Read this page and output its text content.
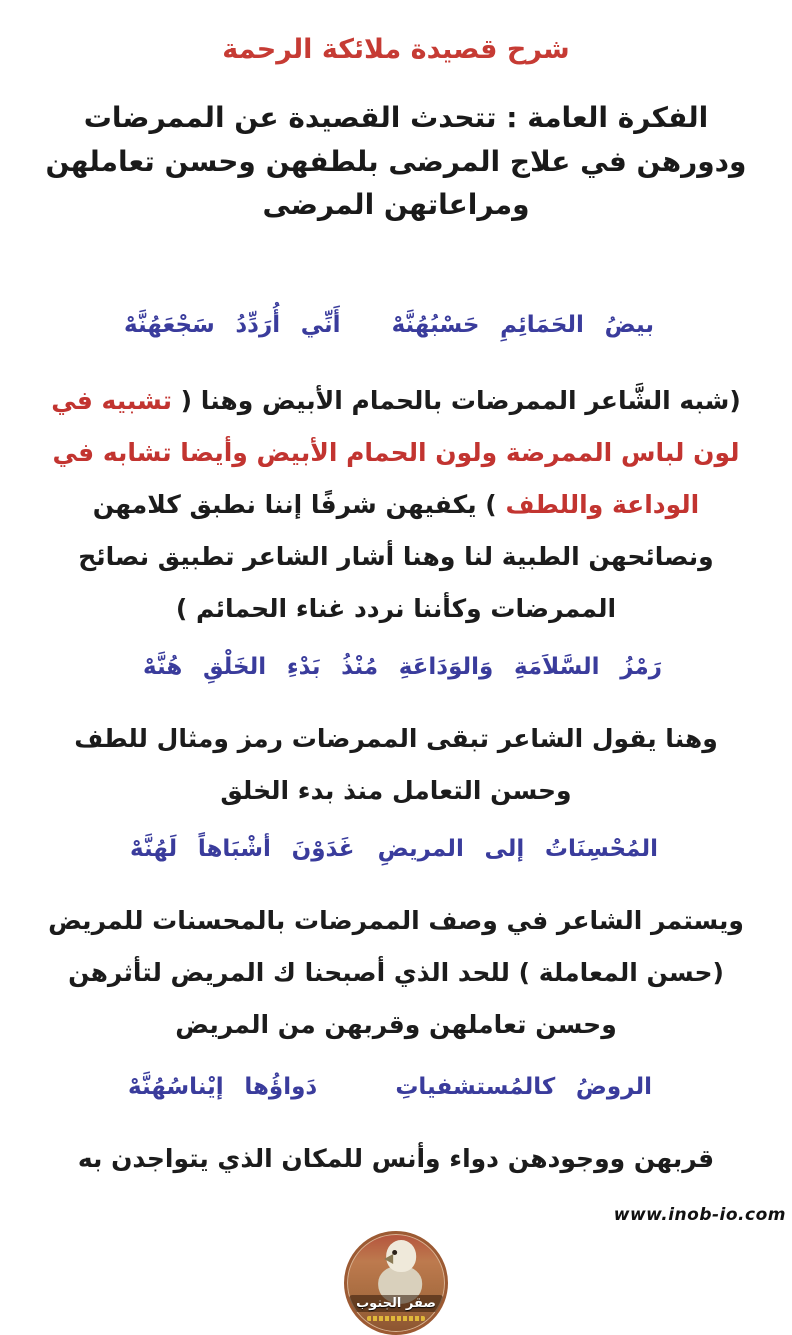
شرح قصيدة ملائكة الرحمة

الفكرة العامة : تتحدث القصيدة عن الممرضات ودورهن في علاج المرضى بلطفهن وحسن تعاملهن ومراعاتهن المرضى

بيضُ الحَمَائِمِ حَسْبُهُنَّهْ
أَنِّي أُرَدِّدُ سَجْعَهُنَّهْ

(شبه الشَّاعر الممرضات بالحمام الأبيض وهنا ( تشبيه في لون لباس الممرضة ولون الحمام الأبيض وأيضا تشابه في الوداعة واللطف ) يكفيهن شرفًا إننا نطبق كلامهن ونصائحهن الطبية لنا وهنا أشار الشاعر تطبيق نصائح الممرضات وكأننا نردد غناء الحمائم )

رَمْزُ السَّلاَمَةِ وَالوَدَا
عَةِ مُنْذُ بَدْءِ الخَلْقِ هُنَّهْ

وهنا يقول الشاعر تبقى الممرضات رمز ومثال للطف وحسن التعامل منذ بدء الخلق

المُحْسِنَاتُ إلى المريضِ
غَدَوْنَ أشْبَاهاً لَهُنَّهْ

ويستمر الشاعر في وصف الممرضات بالمحسنات للمريض (حسن المعاملة ) للحد الذي أصبحنا ك المريض لتأثرهن وحسن تعاملهن وقربهن من المريض

الروضُ كالمُستشفياتِ
دَواؤُها إيْناسُهُنَّهْ

قربهن ووجودهن دواء وأنس للمكان الذي يتواجدن به

صقر الجنوب
www.inob-io.com
